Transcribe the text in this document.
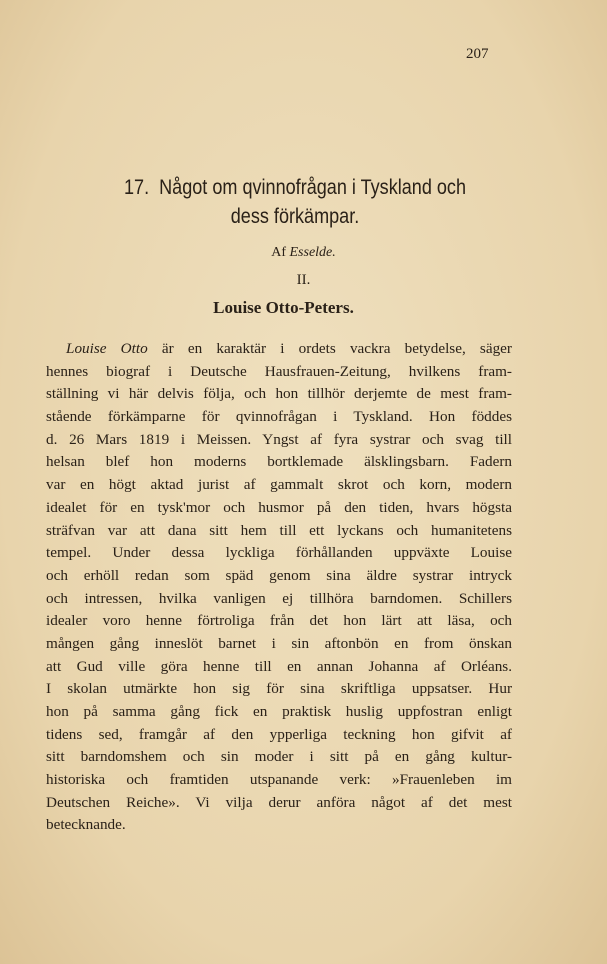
207
17.  Något om qvinnofrågan i Tyskland och
dess förkämpar.
Af Esselde.
II.
Louise Otto-Peters.
Louise Otto är en karaktär i ordets vackra betydelse, säger
hennes biograf i Deutsche Hausfrauen-Zeitung, hvilkens fram-
ställning vi här delvis följa, och hon tillhör derjemte de mest fram-
stående förkämparne för qvinnofrågan i Tyskland. Hon föddes
d. 26 Mars 1819 i Meissen. Yngst af fyra systrar och svag till
helsan blef hon moderns bortklemade älsklingsbarn. Fadern
var en högt aktad jurist af gammalt skrot och korn, modern
idealet för en tysk'mor och husmor på den tiden, hvars högsta
sträfvan var att dana sitt hem till ett lyckans och humanitetens
tempel. Under dessa lyckliga förhållanden uppväxte Louise
och erhöll redan som späd genom sina äldre systrar intryck
och intressen, hvilka vanligen ej tillhöra barndomen. Schillers
idealer voro henne förtroliga från det hon lärt att läsa, och
mången gång inneslöt barnet i sin aftonbön en from önskan
att Gud ville göra henne till en annan Johanna af Orléans.
I skolan utmärkte hon sig för sina skriftliga uppsatser. Hur
hon på samma gång fick en praktisk huslig uppfostran enligt
tidens sed, framgår af den ypperliga teckning hon gifvit af
sitt barndomshem och sin moder i sitt på en gång kultur-
historiska och framtiden utspanande verk: »Frauenleben im
Deutschen Reiche». Vi vilja derur anföra något af det mest
betecknande.
